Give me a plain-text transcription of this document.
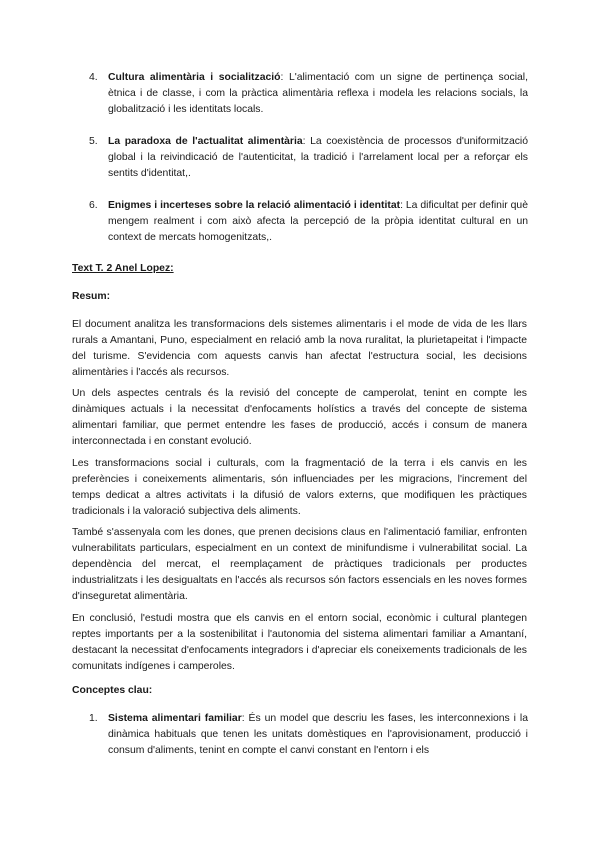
4. Cultura alimentària i socialització: L'alimentació com un signe de pertinença social, ètnica i de classe, i com la pràctica alimentària reflexa i modela les relacions socials, la globalització i les identitats locals.

5. La paradoxa de l'actualitat alimentària: La coexistència de processos d'uniformització global i la reivindicació de l'autenticitat, la tradició i l'arrelament local per a reforçar els sentits d'identitat,.

6. Enigmes i incerteses sobre la relació alimentació i identitat: La dificultat per definir què mengem realment i com això afecta la percepció de la pròpia identitat cultural en un context de mercats homogenitzats,.

Text T. 2 Anel Lopez:

Resum:

El document analitza les transformacions dels sistemes alimentaris i el mode de vida de les llars rurals a Amantani, Puno, especialment en relació amb la nova ruralitat, la plurietapeitat i l'impacte del turisme. S'evidencia com aquests canvis han afectat l'estructura social, les decisions alimentàries i l'accés als recursos.

Un dels aspectes centrals és la revisió del concepte de camperolat, tenint en compte les dinàmiques actuals i la necessitat d'enfocaments holístics a través del concepte de sistema alimentari familiar, que permet entendre les fases de producció, accés i consum de manera interconnectada i en constant evolució.

Les transformacions social i culturals, com la fragmentació de la terra i els canvis en les preferències i coneixements alimentaris, són influenciades per les migracions, l'increment del temps dedicat a altres activitats i la difusió de valors externs, que modifiquen les pràctiques tradicionals i la valoració subjectiva dels aliments.

També s'assenyala com les dones, que prenen decisions claus en l'alimentació familiar, enfronten vulnerabilitats particulars, especialment en un context de minifundisme i vulnerabilitat social. La dependència del mercat, el reemplaçament de pràctiques tradicionals per productes industrialitzats i les desigualtats en l'accés als recursos són factors essencials en les noves formes d'inseguretat alimentària.

En conclusió, l'estudi mostra que els canvis en el entorn social, econòmic i cultural plantegen reptes importants per a la sostenibilitat i l'autonomia del sistema alimentari familiar a Amantaní, destacant la necessitat d'enfocaments integradors i d'apreciar els coneixements tradicionals de les comunitats indígenes i camperoles.

Conceptes clau:

1. Sistema alimentari familiar: És un model que descriu les fases, les interconnexions i la dinàmica habituals que tenen les unitats domèstiques en l'aprovisionament, producció i consum d'aliments, tenint en compte el canvi constant en l'entorn i els
